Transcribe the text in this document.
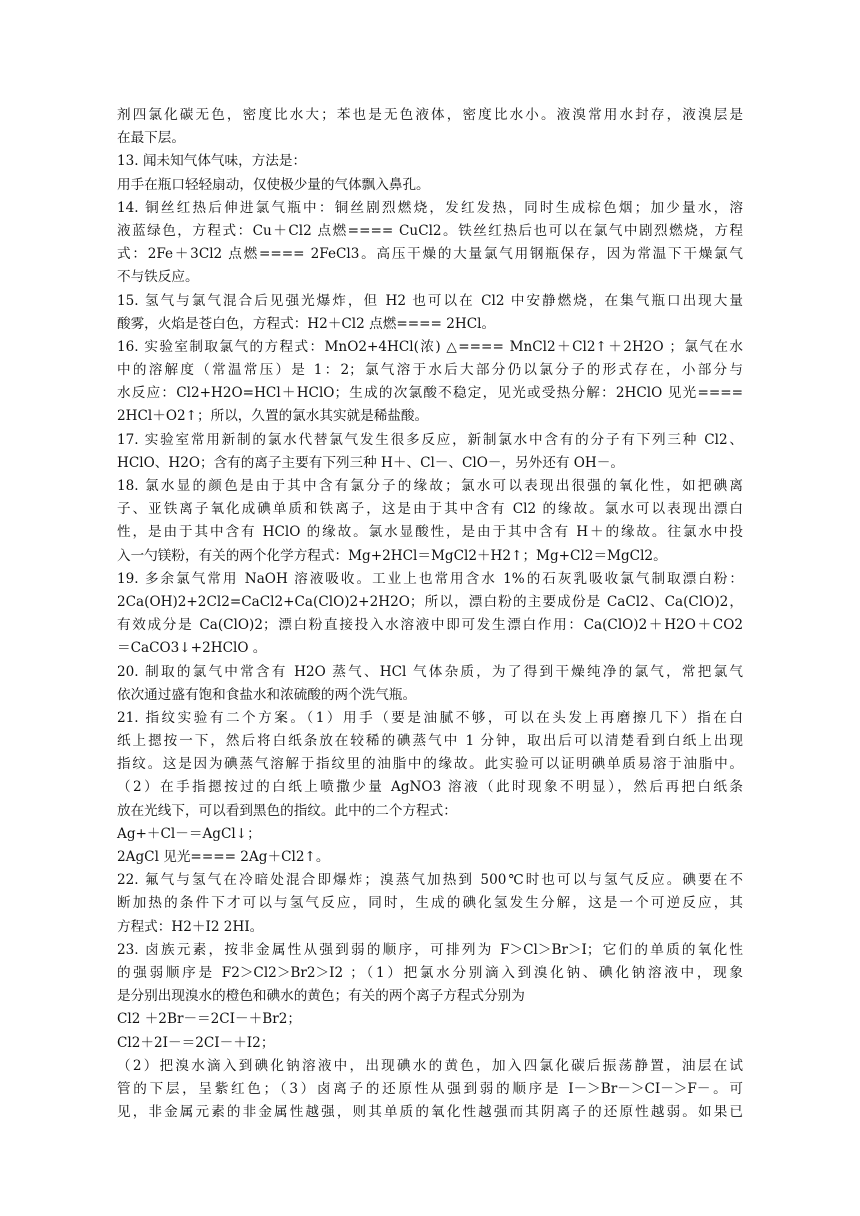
剂四氯化碳无色，密度比水大；苯也是无色液体，密度比水小。液溴常用水封存，液溴层是
在最下层。
13. 闻未知气体气味，方法是：
用手在瓶口轻轻扇动，仅使极少量的气体飘入鼻孔。
14. 铜丝红热后伸进氯气瓶中：铜丝剧烈燃烧，发红发热，同时生成棕色烟；加少量水，溶
液蓝绿色，方程式：Cu＋Cl2 点燃==== CuCl2。铁丝红热后也可以在氯气中剧烈燃烧，方程
式：2Fe＋3Cl2 点燃==== 2FeCl3。高压干燥的大量氯气用钢瓶保存，因为常温下干燥氯气
不与铁反应。
15. 氢气与氯气混合后见强光爆炸，但 H2 也可以在 Cl2 中安静燃烧，在集气瓶口出现大量
酸雾，火焰是苍白色，方程式：H2＋Cl2 点燃==== 2HCl。
16. 实验室制取氯气的方程式：MnO2+4HCl(浓) △==== MnCl2＋Cl2↑＋2H2O ；氯气在水
中的溶解度（常温常压）是 1：2；氯气溶于水后大部分仍以氯分子的形式存在，小部分与
水反应：Cl2+H2O=HCl＋HClO；生成的次氯酸不稳定，见光或受热分解：2HClO 见光====
2HCl＋O2↑；所以，久置的氯水其实就是稀盐酸。
17. 实验室常用新制的氯水代替氯气发生很多反应，新制氯水中含有的分子有下列三种 Cl2、
HClO、H2O；含有的离子主要有下列三种 H＋、Cl－、ClO－，另外还有 OH－。
18. 氯水显的颜色是由于其中含有氯分子的缘故；氯水可以表现出很强的氧化性，如把碘离
子、亚铁离子氧化成碘单质和铁离子，这是由于其中含有 Cl2 的缘故。氯水可以表现出漂白
性，是由于其中含有 HClO 的缘故。氯水显酸性，是由于其中含有 H＋的缘故。往氯水中投
入一勺镁粉，有关的两个化学方程式：Mg+2HCl＝MgCl2＋H2↑；Mg+Cl2＝MgCl2。
19. 多余氯气常用 NaOH 溶液吸收。工业上也常用含水 1%的石灰乳吸收氯气制取漂白粉：
2Ca(OH)2+2Cl2=CaCl2+Ca(ClO)2+2H2O；所以，漂白粉的主要成份是 CaCl2、Ca(ClO)2，
有效成分是 Ca(ClO)2；漂白粉直接投入水溶液中即可发生漂白作用：Ca(ClO)2＋H2O＋CO2
＝CaCO3↓+2HClO 。
20. 制取的氯气中常含有 H2O 蒸气、HCl 气体杂质，为了得到干燥纯净的氯气，常把氯气
依次通过盛有饱和食盐水和浓硫酸的两个洗气瓶。
21. 指纹实验有二个方案。（1）用手（要是油腻不够，可以在头发上再磨擦几下）指在白
纸上摁按一下，然后将白纸条放在较稀的碘蒸气中 1 分钟，取出后可以清楚看到白纸上出现
指纹。这是因为碘蒸气溶解于指纹里的油脂中的缘故。此实验可以证明碘单质易溶于油脂中。
（2）在手指摁按过的白纸上喷撒少量 AgNO3 溶液（此时现象不明显），然后再把白纸条
放在光线下，可以看到黑色的指纹。此中的二个方程式：
Ag+＋Cl－＝AgCl↓；
2AgCl 见光==== 2Ag＋Cl2↑。
22. 氟气与氢气在冷暗处混合即爆炸；溴蒸气加热到 500℃时也可以与氢气反应。碘要在不
断加热的条件下才可以与氢气反应，同时，生成的碘化氢发生分解，这是一个可逆反应，其
方程式：H2＋I2 2HI。
23. 卤族元素，按非金属性从强到弱的顺序，可排列为 F＞Cl＞Br＞I；它们的单质的氧化性
的强弱顺序是 F2＞Cl2＞Br2＞I2 ；（1）把氯水分别滴入到溴化钠、碘化钠溶液中，现象
是分别出现溴水的橙色和碘水的黄色；有关的两个离子方程式分别为
Cl2 ＋2Br－＝2CI－＋Br2；
Cl2＋2I－＝2CI－＋I2；
（2）把溴水滴入到碘化钠溶液中，出现碘水的黄色，加入四氯化碳后振荡静置，油层在试
管的下层，呈紫红色；（3）卤离子的还原性从强到弱的顺序是 I－＞Br－＞CI－＞F－。可
见，非金属元素的非金属性越强，则其单质的氧化性越强而其阴离子的还原性越弱。如果已
